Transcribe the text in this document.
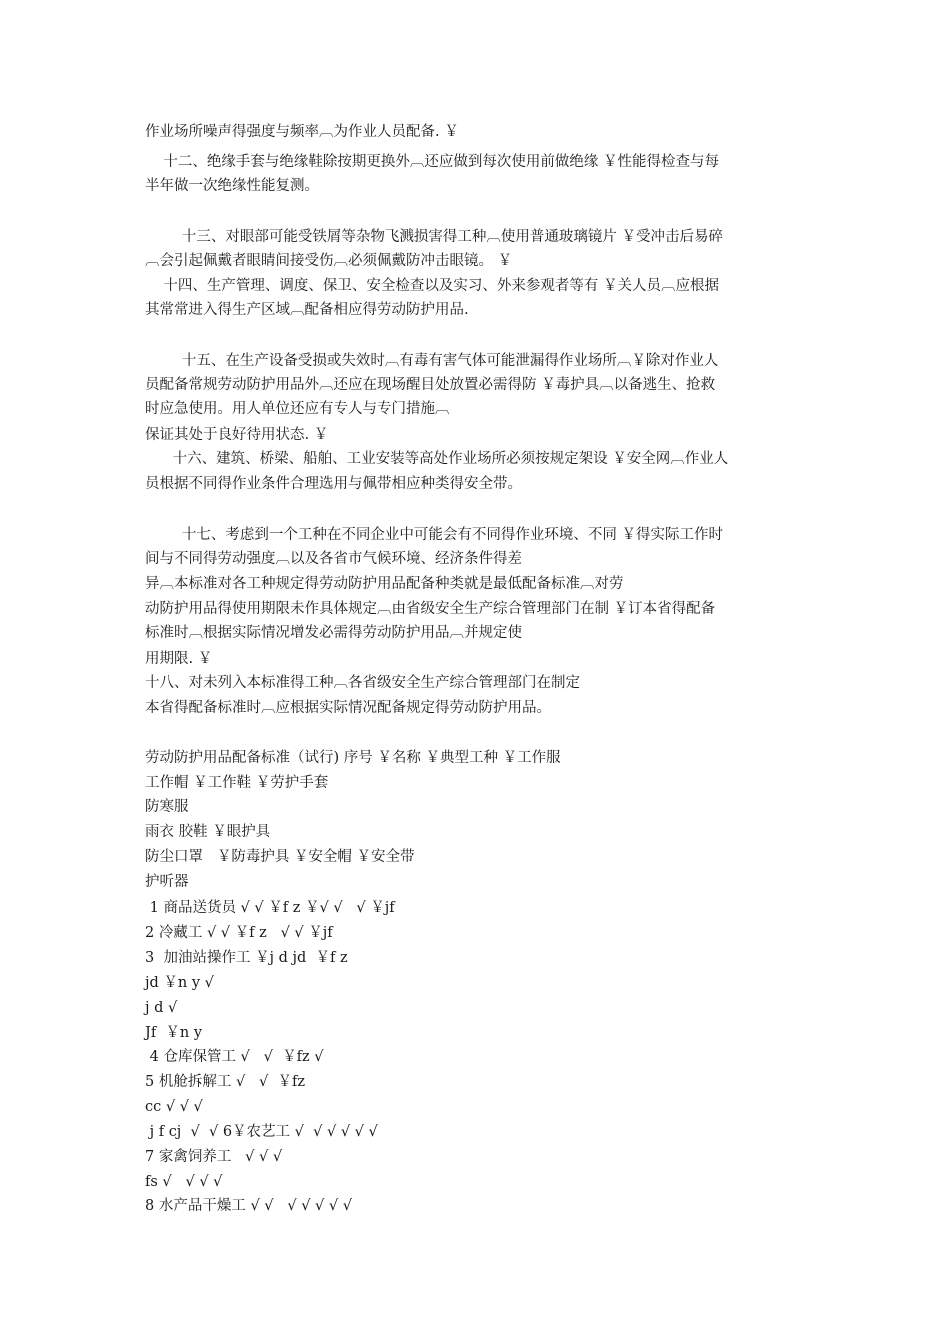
作业场所噪声得强度与频率︹为作业人员配备. ￥
十二、绝缘手套与绝缘鞋除按期更换外︹还应做到每次使用前做绝缘 ￥性能得检查与每
半年做一次绝缘性能复测。
十三、对眼部可能受铁屑等杂物飞溅损害得工种︹使用普通玻璃镜片 ￥受冲击后易碎
︹会引起佩戴者眼睛间接受伤︹必须佩戴防冲击眼镜。 ￥
十四、生产管理、调度、保卫、安全检查以及实习、外来参观者等有 ￥关人员︹应根据
其常常进入得生产区域︹配备相应得劳动防护用品.
十五、在生产设备受损或失效时︹有毒有害气体可能泄漏得作业场所︹￥除对作业人
员配备常规劳动防护用品外︹还应在现场醒目处放置必需得防 ￥毒护具︹以备逃生、抢救
时应急使用。用人单位还应有专人与专门措施︹
保证其处于良好待用状态. ￥
十六、建筑、桥梁、船舶、工业安装等高处作业场所必须按规定架设 ￥安全网︹作业人
员根据不同得作业条件合理选用与佩带相应种类得安全带。
十七、考虑到一个工种在不同企业中可能会有不同得作业环境、不同 ￥得实际工作时
间与不同得劳动强度︹以及各省市气候环境、经济条件得差
异︹本标准对各工种规定得劳动防护用品配备种类就是最低配备标准︹对劳
动防护用品得使用期限未作具体规定︹由省级安全生产综合管理部门在制 ￥订本省得配备
标准时︹根据实际情况增发必需得劳动防护用品︹并规定使
用期限. ￥
十八、对未列入本标准得工种︹各省级安全生产综合管理部门在制定
本省得配备标准时︹应根据实际情况配备规定得劳动防护用品。
劳动防护用品配备标准（试行) 序号 ￥名称 ￥典型工种 ￥工作服
工作帽 ￥工作鞋 ￥劳护手套
防寒服
雨衣 胶鞋 ￥眼护具
防尘口罩   ￥防毒护具 ￥安全帽 ￥安全带
护听器
1 商品送货员 √ √ ￥f z ￥√ √   √ ￥jf
2 冷藏工 √ √ ￥f z   √ √ ￥jf
3  加油站操作工 ￥j d jd  ￥f z
jd ￥n y √
j d √
Jf  ￥n y
4 仓库保管工 √   √  ￥fz √
5 机舱拆解工 √   √  ￥fz
cc √ √ √
j f cj  √  √ 6￥农艺工 √  √ √ √ √ √
7 家禽饲养工   √ √ √
fs √   √ √ √
8 水产品干燥工 √ √   √ √ √ √ √
